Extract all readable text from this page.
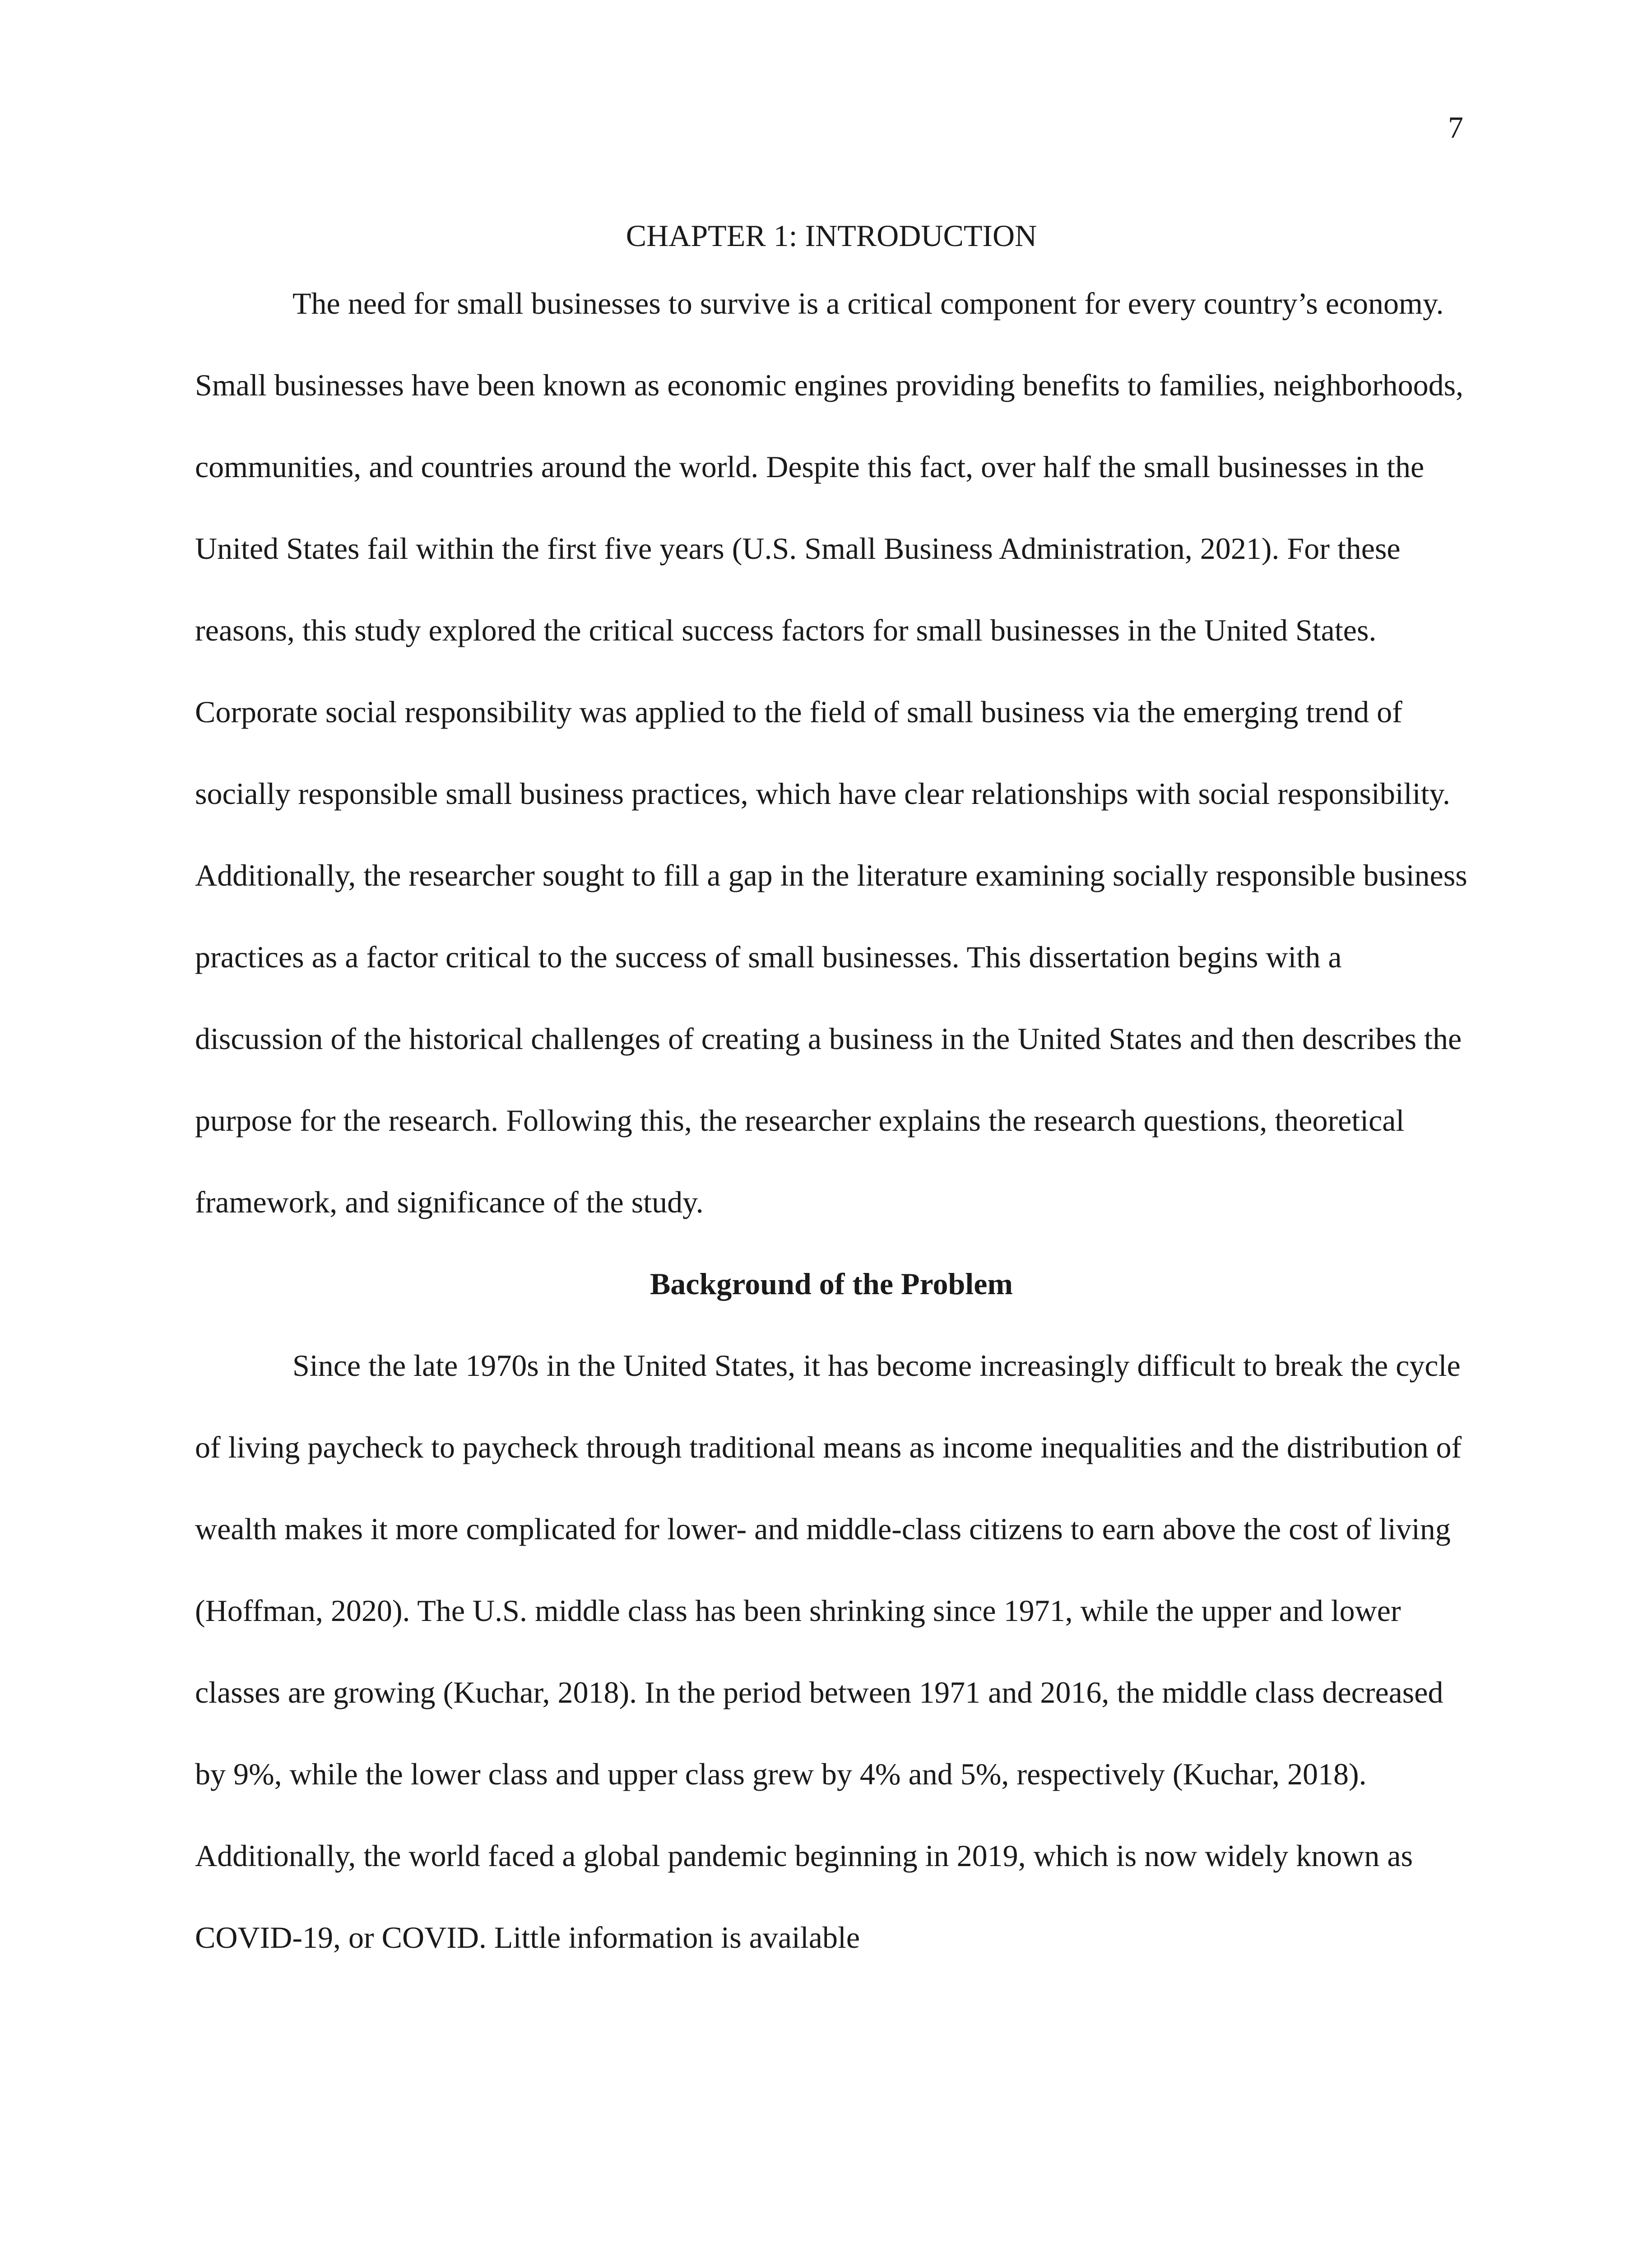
7
CHAPTER 1: INTRODUCTION

The need for small businesses to survive is a critical component for every country’s economy. Small businesses have been known as economic engines providing benefits to families, neighborhoods, communities, and countries around the world. Despite this fact, over half the small businesses in the United States fail within the first five years (U.S. Small Business Administration, 2021). For these reasons, this study explored the critical success factors for small businesses in the United States. Corporate social responsibility was applied to the field of small business via the emerging trend of socially responsible small business practices, which have clear relationships with social responsibility. Additionally, the researcher sought to fill a gap in the literature examining socially responsible business practices as a factor critical to the success of small businesses. This dissertation begins with a discussion of the historical challenges of creating a business in the United States and then describes the purpose for the research. Following this, the researcher explains the research questions, theoretical framework, and significance of the study.

Background of the Problem

Since the late 1970s in the United States, it has become increasingly difficult to break the cycle of living paycheck to paycheck through traditional means as income inequalities and the distribution of wealth makes it more complicated for lower- and middle-class citizens to earn above the cost of living (Hoffman, 2020). The U.S. middle class has been shrinking since 1971, while the upper and lower classes are growing (Kuchar, 2018). In the period between 1971 and 2016, the middle class decreased by 9%, while the lower class and upper class grew by 4% and 5%, respectively (Kuchar, 2018). Additionally, the world faced a global pandemic beginning in 2019, which is now widely known as COVID-19, or COVID. Little information is available
